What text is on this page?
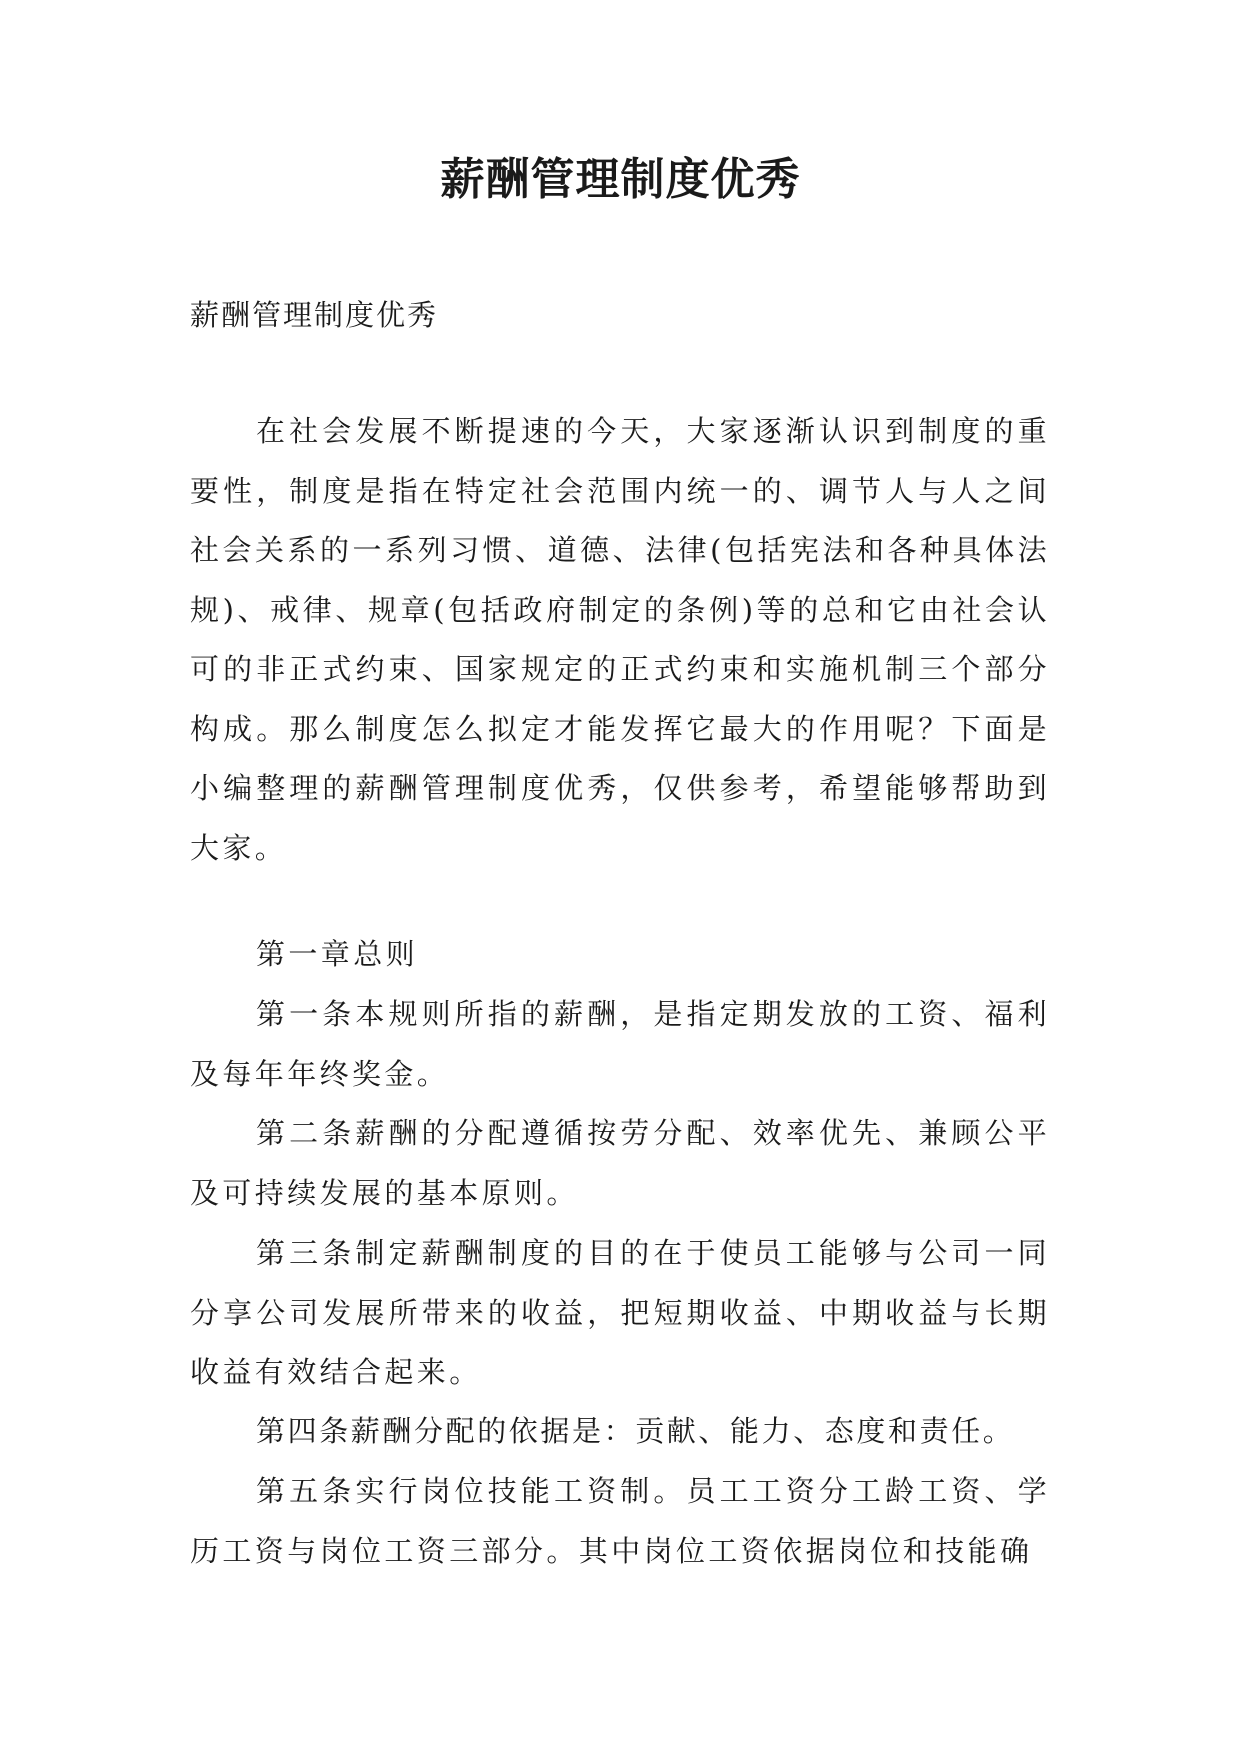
薪酬管理制度优秀

薪酬管理制度优秀

在社会发展不断提速的今天，大家逐渐认识到制度的重要性，制度是指在特定社会范围内统一的、调节人与人之间社会关系的一系列习惯、道德、法律(包括宪法和各种具体法规)、戒律、规章(包括政府制定的条例)等的总和它由社会认可的非正式约束、国家规定的正式约束和实施机制三个部分构成。那么制度怎么拟定才能发挥它最大的作用呢？下面是小编整理的薪酬管理制度优秀，仅供参考，希望能够帮助到大家。

第一章总则

第一条本规则所指的薪酬，是指定期发放的工资、福利及每年年终奖金。

第二条薪酬的分配遵循按劳分配、效率优先、兼顾公平及可持续发展的基本原则。

第三条制定薪酬制度的目的在于使员工能够与公司一同分享公司发展所带来的收益，把短期收益、中期收益与长期收益有效结合起来。

第四条薪酬分配的依据是：贡献、能力、态度和责任。

第五条实行岗位技能工资制。员工工资分工龄工资、学历工资与岗位工资三部分。其中岗位工资依据岗位和技能确
